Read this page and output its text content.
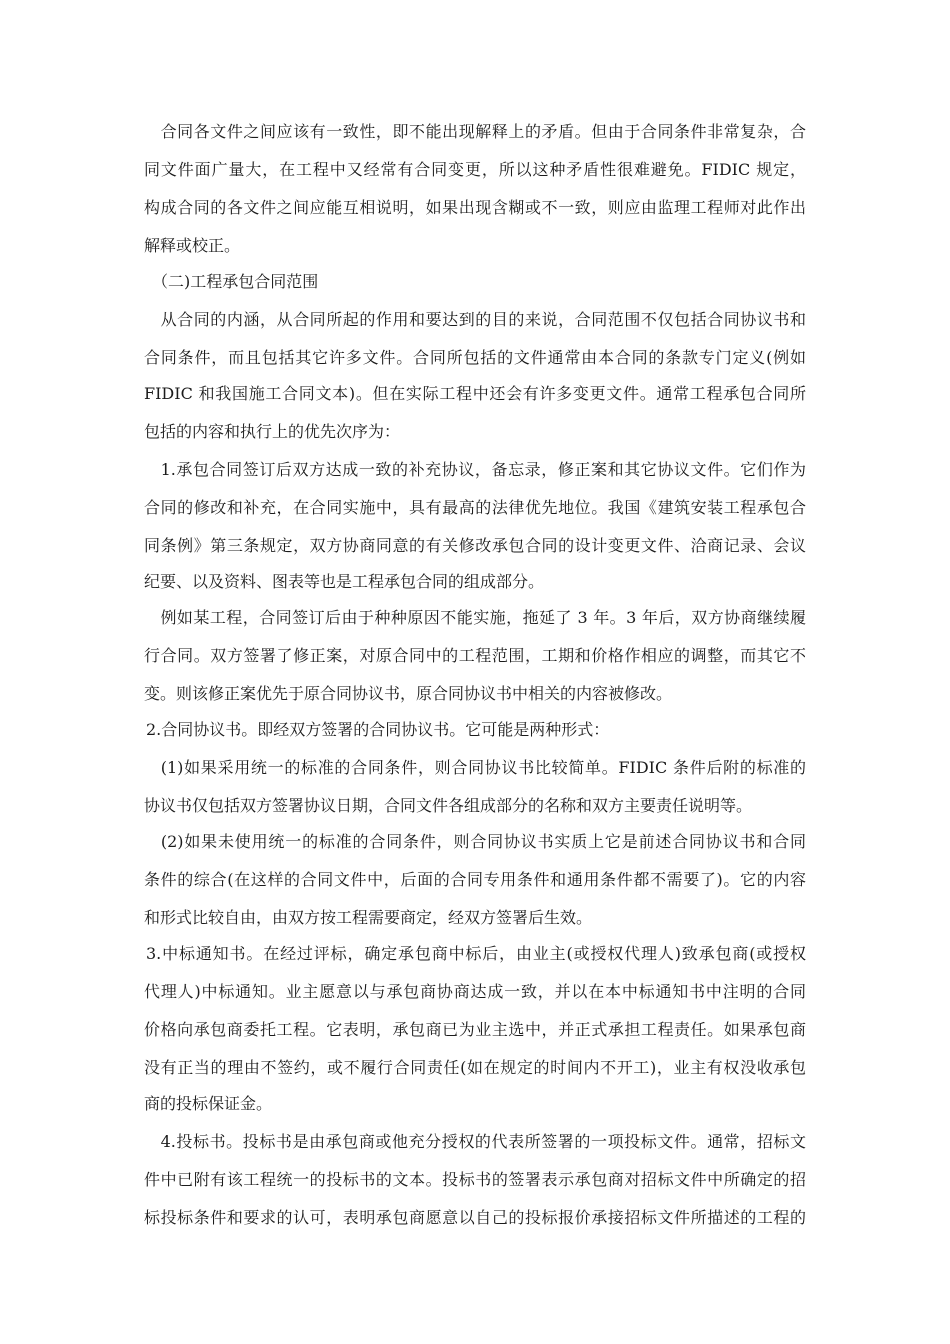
　合同各文件之间应该有一致性，即不能出现解释上的矛盾。但由于合同条件非常复杂，合
同文件面广量大，在工程中又经常有合同变更，所以这种矛盾性很难避免。FIDIC 规定，
构成合同的各文件之间应能互相说明，如果出现含糊或不一致，则应由监理工程师对此作出
解释或校正。
（二)工程承包合同范围
　从合同的内涵，从合同所起的作用和要达到的目的来说，合同范围不仅包括合同协议书和
合同条件，而且包括其它许多文件。合同所包括的文件通常由本合同的条款专门定义(例如
FIDIC 和我国施工合同文本)。但在实际工程中还会有许多变更文件。通常工程承包合同所
包括的内容和执行上的优先次序为：
　1.承包合同签订后双方达成一致的补充协议，备忘录，修正案和其它协议文件。它们作为
合同的修改和补充，在合同实施中，具有最高的法律优先地位。我国《建筑安装工程承包合
同条例》第三条规定，双方协商同意的有关修改承包合同的设计变更文件、洽商记录、会议
纪要、以及资料、图表等也是工程承包合同的组成部分。
　例如某工程，合同签订后由于种种原因不能实施，拖延了 3 年。3 年后，双方协商继续履
行合同。双方签署了修正案，对原合同中的工程范围，工期和价格作相应的调整，而其它不
变。则该修正案优先于原合同协议书，原合同协议书中相关的内容被修改。
2.合同协议书。即经双方签署的合同协议书。它可能是两种形式：
　(1)如果采用统一的标准的合同条件，则合同协议书比较简单。FIDIC 条件后附的标准的
协议书仅包括双方签署协议日期，合同文件各组成部分的名称和双方主要责任说明等。
　(2)如果未使用统一的标准的合同条件，则合同协议书实质上它是前述合同协议书和合同
条件的综合(在这样的合同文件中，后面的合同专用条件和通用条件都不需要了)。它的内容
和形式比较自由，由双方按工程需要商定，经双方签署后生效。
3.中标通知书。在经过评标，确定承包商中标后，由业主(或授权代理人)致承包商(或授权
代理人)中标通知。业主愿意以与承包商协商达成一致，并以在本中标通知书中注明的合同
价格向承包商委托工程。它表明，承包商已为业主选中，并正式承担工程责任。如果承包商
没有正当的理由不签约，或不履行合同责任(如在规定的时间内不开工)，业主有权没收承包
商的投标保证金。
　4.投标书。投标书是由承包商或他充分授权的代表所签署的一项投标文件。通常，招标文
件中已附有该工程统一的投标书的文本。投标书的签署表示承包商对招标文件中所确定的招
标投标条件和要求的认可，表明承包商愿意以自己的投标报价承接招标文件所描述的工程的
